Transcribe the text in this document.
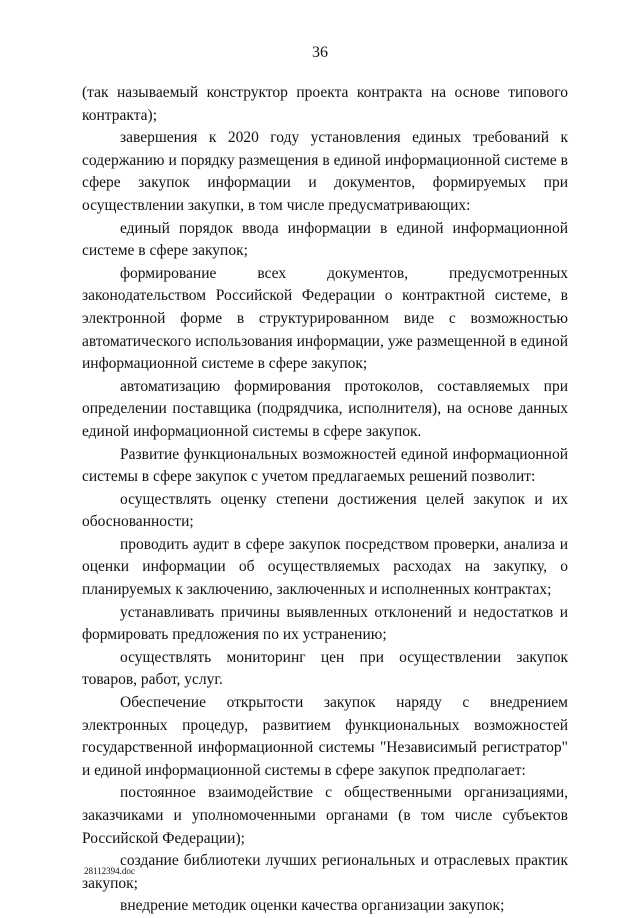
36

(так называемый конструктор проекта контракта на основе типового контракта);

завершения к 2020 году установления единых требований к содержанию и порядку размещения в единой информационной системе в сфере закупок информации и документов, формируемых при осуществлении закупки, в том числе предусматривающих:

единый порядок ввода информации в единой информационной системе в сфере закупок;

формирование всех документов, предусмотренных законодательством Российской Федерации о контрактной системе, в электронной форме в структурированном виде с возможностью автоматического использования информации, уже размещенной в единой информационной системе в сфере закупок;

автоматизацию формирования протоколов, составляемых при определении поставщика (подрядчика, исполнителя), на основе данных единой информационной системы в сфере закупок.

Развитие функциональных возможностей единой информационной системы в сфере закупок с учетом предлагаемых решений позволит:

осуществлять оценку степени достижения целей закупок и их обоснованности;

проводить аудит в сфере закупок посредством проверки, анализа и оценки информации об осуществляемых расходах на закупку, о планируемых к заключению, заключенных и исполненных контрактах;

устанавливать причины выявленных отклонений и недостатков и формировать предложения по их устранению;

осуществлять мониторинг цен при осуществлении закупок товаров, работ, услуг.

Обеспечение открытости закупок наряду с внедрением электронных процедур, развитием функциональных возможностей государственной информационной системы "Независимый регистратор" и единой информационной системы в сфере закупок предполагает:

постоянное взаимодействие с общественными организациями, заказчиками и уполномоченными органами (в том числе субъектов Российской Федерации);

создание библиотеки лучших региональных и отраслевых практик закупок;

внедрение методик оценки качества организации закупок;

28112394.doc
